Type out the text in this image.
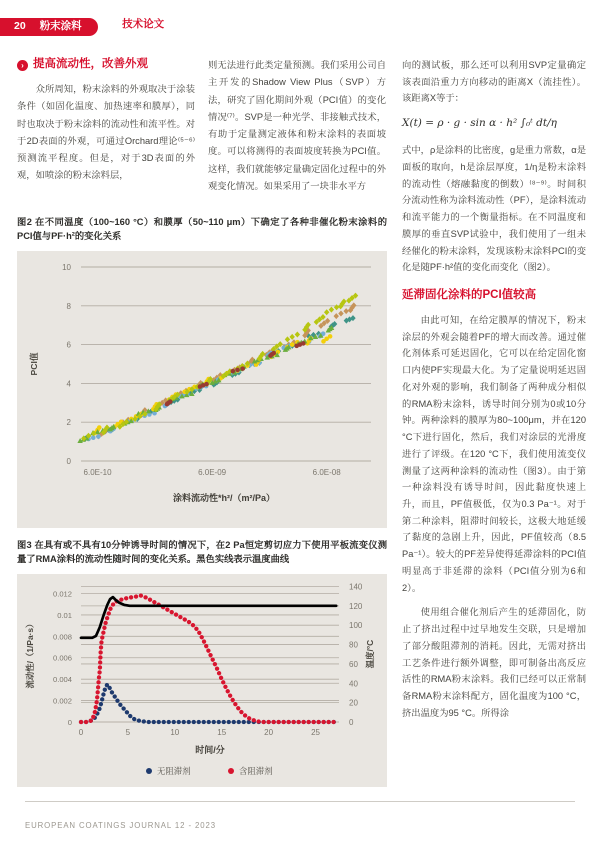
20 粉末涂料	技术论文
› 提高流动性，改善外观

众所周知，粉末涂料的外观取决于涂装条件（如固化温度、加热速率和膜厚），同时也取决于粉末涂料的流动性和流平性。对于2D表面的外观，可通过Orchard理论⁽⁵⁻⁶⁾预测流平程度。但是，对于3D表面的外观，如喷涂的粉末涂料层，

则无法进行此类定量预测。我们采用公司自主开发的Shadow View Plus（SVP）方法，研究了固化期间外观（PCI值）的变化情况⁽⁷⁾。SVP是一种光学、非接触式技术，有助于定量测定液体和粉末涂料的表面坡度。可以将测得的表面坡度转换为PCI值。这样，我们就能够定量确定固化过程中的外观变化情况。如果采用了一块非水平方

图2 在不同温度（100~160 °C）和膜厚（50~110 μm）下确定了各种非催化粉末涂料的PCI值与PF·h²的变化关系

0
2
4
6
8
10
6.0E-10	6.0E-09	6.0E-08
PCI值
涂料流动性*h²/（m²/Pa）

图3 在具有或不具有10分钟诱导时间的情况下，在2 Pa恒定剪切应力下使用平板流变仪测量了RMA涂料的流动性随时间的变化关系。黑色实线表示温度曲线

0
20
40
60
80
100
120
140
0
0.002
0.004
0.006
0.008
0.01
0.012
0	5	10	15	20	25
流动性/（1/Pa·s）	温度/°C
时间/分
无阻滞剂	含阻滞剂

向的测试板，那么还可以利用SVP定量确定该表面沿重力方向移动的距离X（流挂性）。该距离X等于：

X(t) = ρ · g · sin α · h² ∫₀ᵗ dt/η

式中，ρ是涂料的比密度，g是重力常数，α是面板的取向，h是涂层厚度，1/η是粉末涂料的流动性（熔融黏度的倒数）⁽⁸⁻⁹⁾。时间积分流动性称为涂料流动性（PF），是涂料流动和流平能力的一个衡量指标。在不同温度和膜厚的垂直SVP试验中，我们使用了一组未经催化的粉末涂料，发现该粉末涂料PCI的变化是随PF·h²值的变化而变化（图2）。

延滞固化涂料的PCI值较高

由此可知，在给定膜厚的情况下，粉末涂层的外观会随着PF的增大而改善。通过催化剂体系可延迟固化，它可以在给定固化窗口内使PF实现最大化。为了定量说明延迟固化对外观的影响，我们制备了两种成分相似的RMA粉末涂料，诱导时间分别为0或10分钟。两种涂料的膜厚为80~100μm，并在120 °C下进行固化，然后，我们对涂层的光滑度进行了评级。在120 °C下，我们使用流变仪测量了这两种涂料的流动性（图3）。由于第一种涂料没有诱导时间，因此黏度快速上升，而且，PF值极低，仅为0.3 Pa⁻¹。对于第二种涂料，阻滞时间较长，这极大地延缓了黏度的急剧上升，因此，PF值较高（8.5 Pa⁻¹）。较大的PF差异使得延滞涂料的PCI值明显高于非延滞的涂料（PCI值分别为6和2）。

使用组合催化剂后产生的延滞固化，防止了挤出过程中过早地发生交联，只是增加了部分酸阻滞剂的消耗。因此，无需对挤出工艺条件进行额外调整，即可制备出高反应活性的RMA粉末涂料。我们已经可以正常制备RMA粉末涂料配方，固化温度为100 °C，挤出温度为95 °C。所得涂

EUROPEAN COATINGS JOURNAL 12 - 2023
